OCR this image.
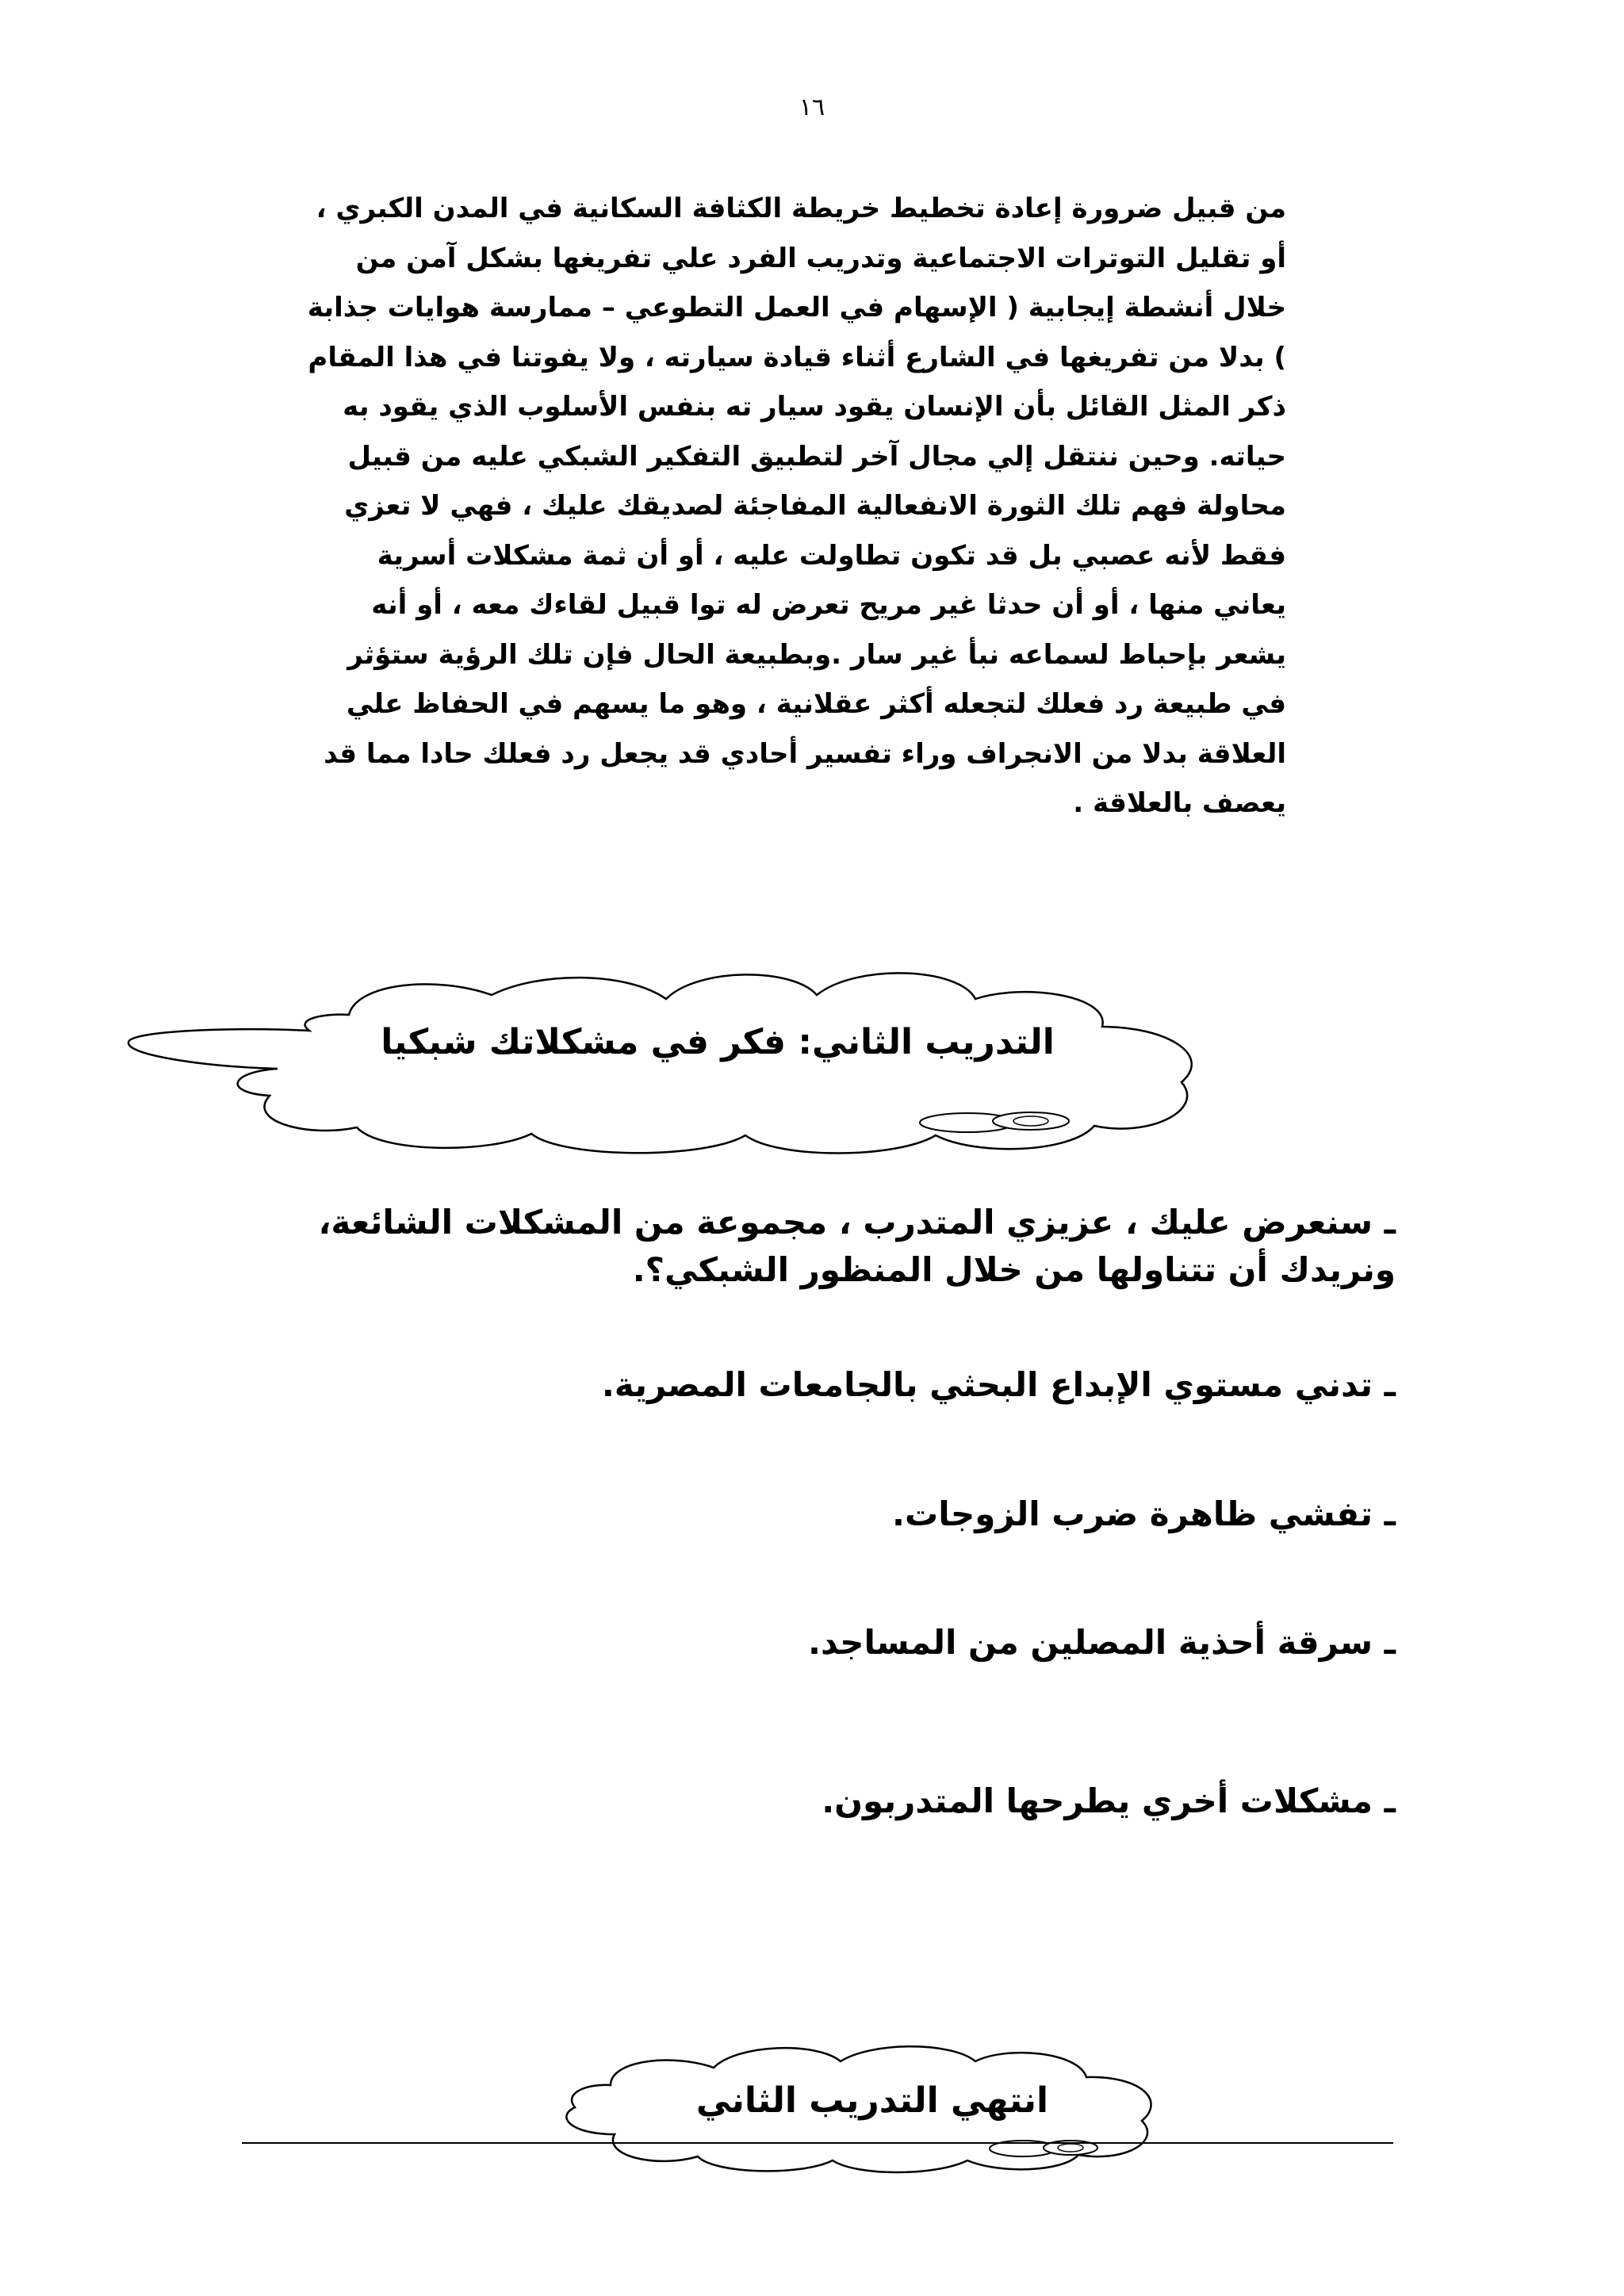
١٦
من قبيل ضرورة إعادة تخطيط خريطة الكثافة السكانية في المدن الكبري ،
أو تقليل التوترات الاجتماعية وتدريب الفرد علي تفريغها بشكل آمن من
خلال أنشطة إيجابية ( الإسهام في العمل التطوعي – ممارسة هوايات جذابة
) بدلا من تفريغها في الشارع أثناء قيادة سيارته ، ولا يفوتنا في هذا المقام
ذكر المثل القائل بأن الإنسان يقود سيار ته بنفس الأسلوب الذي يقود به
حياته. وحين ننتقل إلي مجال آخر لتطبيق التفكير الشبكي عليه من قبيل
محاولة فهم تلك الثورة الانفعالية المفاجئة لصديقك عليك ، فهي لا تعزي
فقط لأنه عصبي بل قد تكون تطاولت عليه ، أو أن ثمة مشكلات أسرية
يعاني منها ، أو أن حدثا غير مريح تعرض له توا قبيل لقاءك معه ، أو أنه
يشعر بإحباط لسماعه نبأ غير سار .وبطبيعة الحال فإن تلك الرؤية ستؤثر
في طبيعة رد فعلك لتجعله أكثر عقلانية ، وهو ما يسهم في الحفاظ علي
العلاقة بدلا من الانجراف وراء تفسير أحادي قد يجعل رد فعلك حادا مما قد
يعصف بالعلاقة .
التدريب الثاني: فكر في مشكلاتك شبكيا
ـ سنعرض عليك ، عزيزي المتدرب ، مجموعة من المشكلات الشائعة،
ونريدك أن تتناولها من خلال المنظور الشبكي؟.
ـ تدني مستوي الإبداع البحثي بالجامعات المصرية.
ـ تفشي ظاهرة ضرب الزوجات.
ـ سرقة أحذية المصلين من المساجد.
ـ مشكلات أخري يطرحها المتدربون.
انتهي التدريب الثاني
